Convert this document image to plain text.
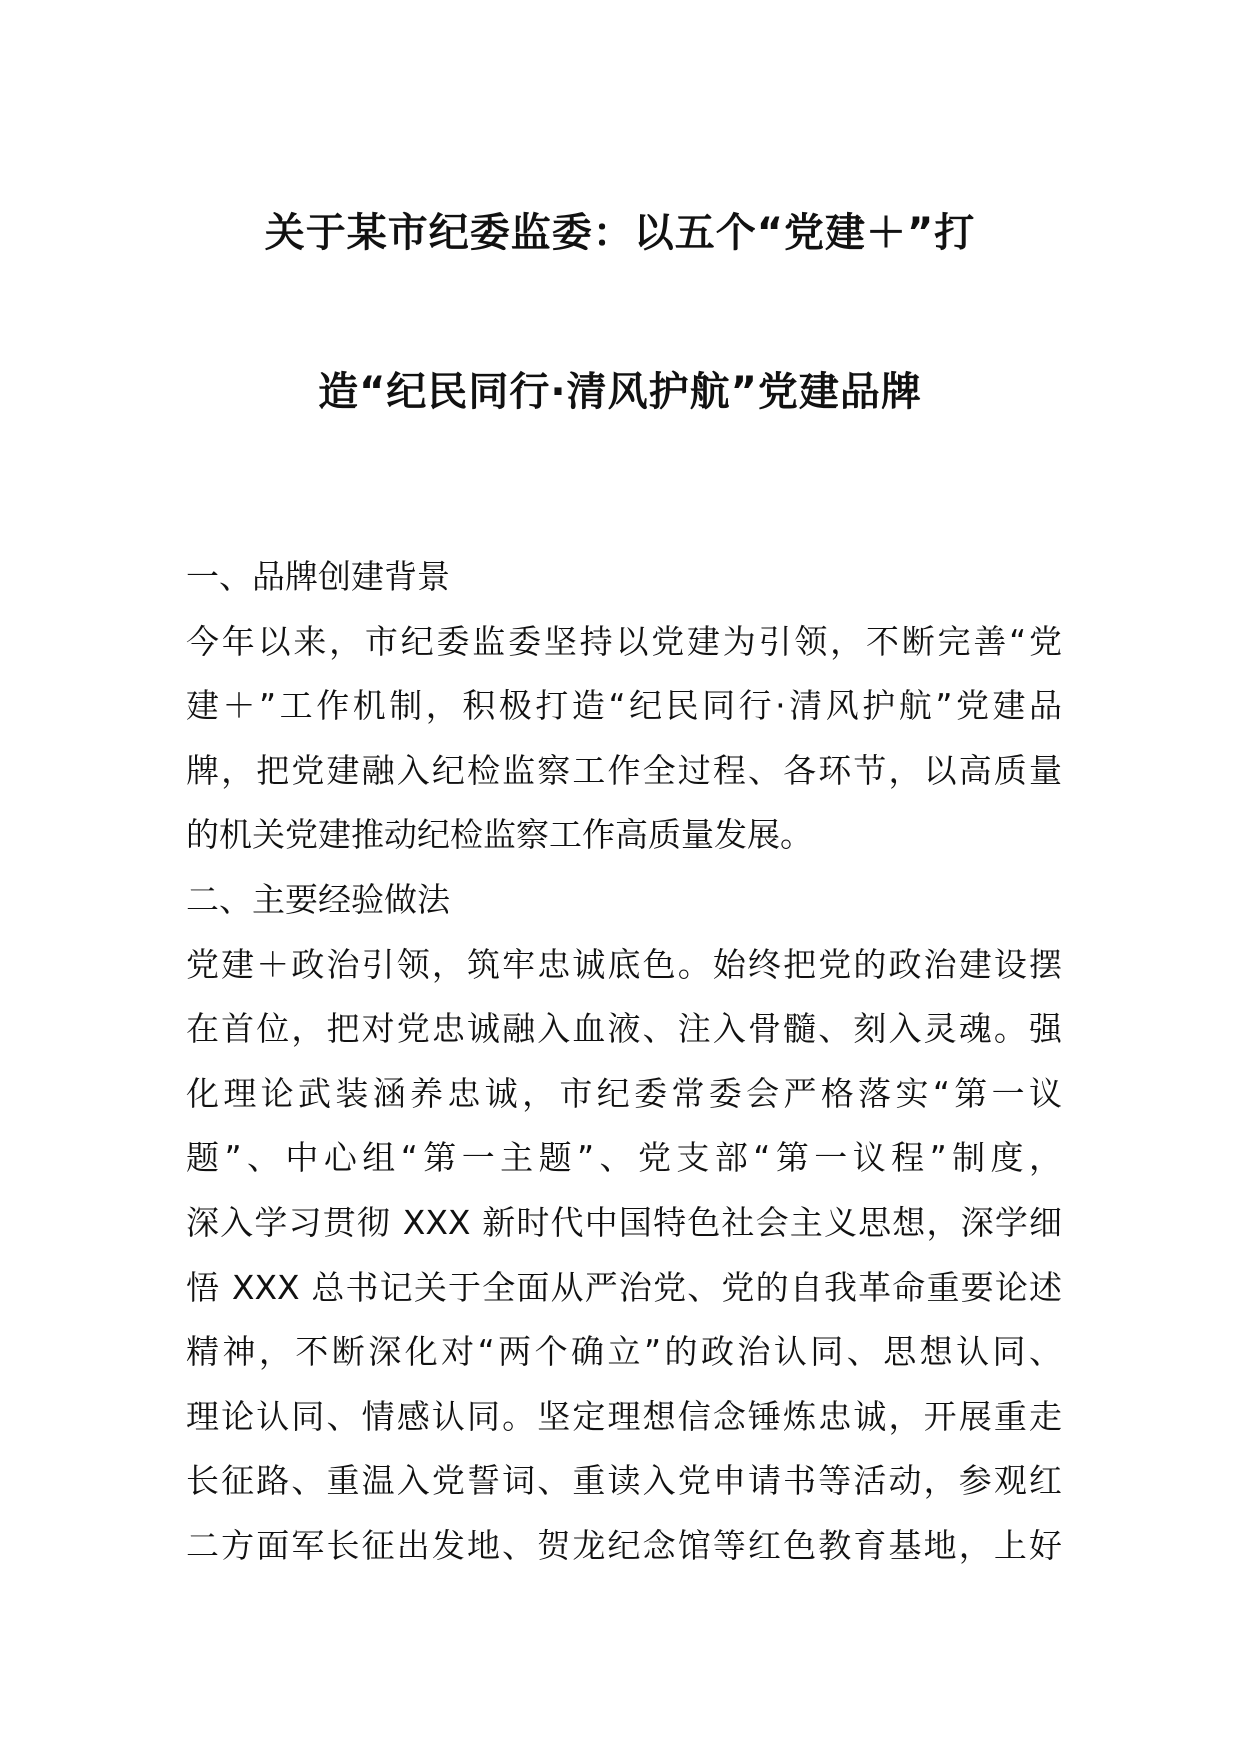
关于某市纪委监委：以五个“党建＋”打
造“纪民同行·清风护航”党建品牌
一、品牌创建背景
今年以来，市纪委监委坚持以党建为引领，不断完善“党
建＋”工作机制，积极打造“纪民同行·清风护航”党建品
牌，把党建融入纪检监察工作全过程、各环节，以高质量
的机关党建推动纪检监察工作高质量发展。
二、主要经验做法
党建＋政治引领，筑牢忠诚底色。始终把党的政治建设摆
在首位，把对党忠诚融入血液、注入骨髓、刻入灵魂。强
化理论武装涵养忠诚，市纪委常委会严格落实“第一议
题”、中心组“第一主题”、党支部“第一议程”制度，
深入学习贯彻 XXX 新时代中国特色社会主义思想，深学细
悟 XXX 总书记关于全面从严治党、党的自我革命重要论述
精神，不断深化对“两个确立”的政治认同、思想认同、
理论认同、情感认同。坚定理想信念锤炼忠诚，开展重走
长征路、重温入党誓词、重读入党申请书等活动，参观红
二方面军长征出发地、贺龙纪念馆等红色教育基地，上好
